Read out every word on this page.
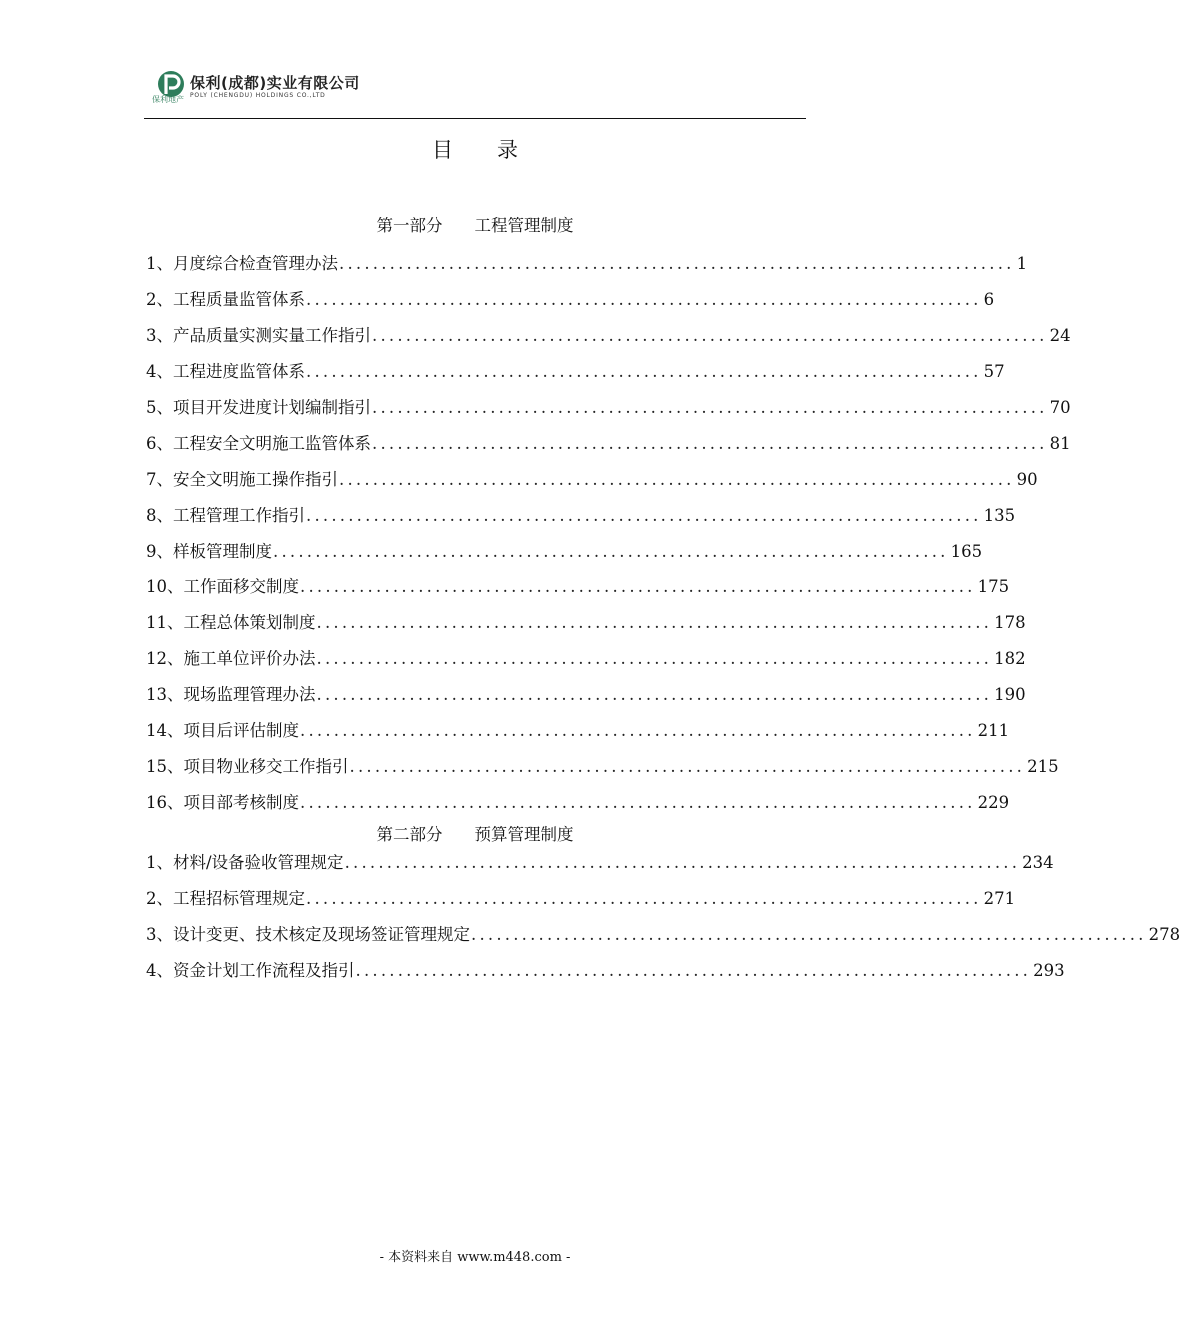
保利地产
保利(成都)实业有限公司
POLY (CHENGDU) HOLDINGS CO.,LTD
目录
第一部分 工程管理制度
1、月度综合检查管理办法 ................................................................................ 1
2、工程质量监管体系 ................................................................................ 6
3、产品质量实测实量工作指引 ................................................................................ 24
4、工程进度监管体系 ................................................................................ 57
5、项目开发进度计划编制指引 ................................................................................ 70
6、工程安全文明施工监管体系 ................................................................................ 81
7、安全文明施工操作指引 ................................................................................ 90
8、工程管理工作指引 ................................................................................ 135
9、样板管理制度 ................................................................................ 165
10、工作面移交制度 ................................................................................ 175
11、工程总体策划制度 ................................................................................ 178
12、施工单位评价办法 ................................................................................ 182
13、现场监理管理办法 ................................................................................ 190
14、项目后评估制度 ................................................................................ 211
15、项目物业移交工作指引 ................................................................................ 215
16、项目部考核制度 ................................................................................ 229
第二部分 预算管理制度
1、材料/设备验收管理规定 ................................................................................ 234
2、工程招标管理规定 ................................................................................ 271
3、设计变更、技术核定及现场签证管理规定 ................................................................................ 278
4、资金计划工作流程及指引 ................................................................................ 293
- 本资料来自 www.m448.com -
